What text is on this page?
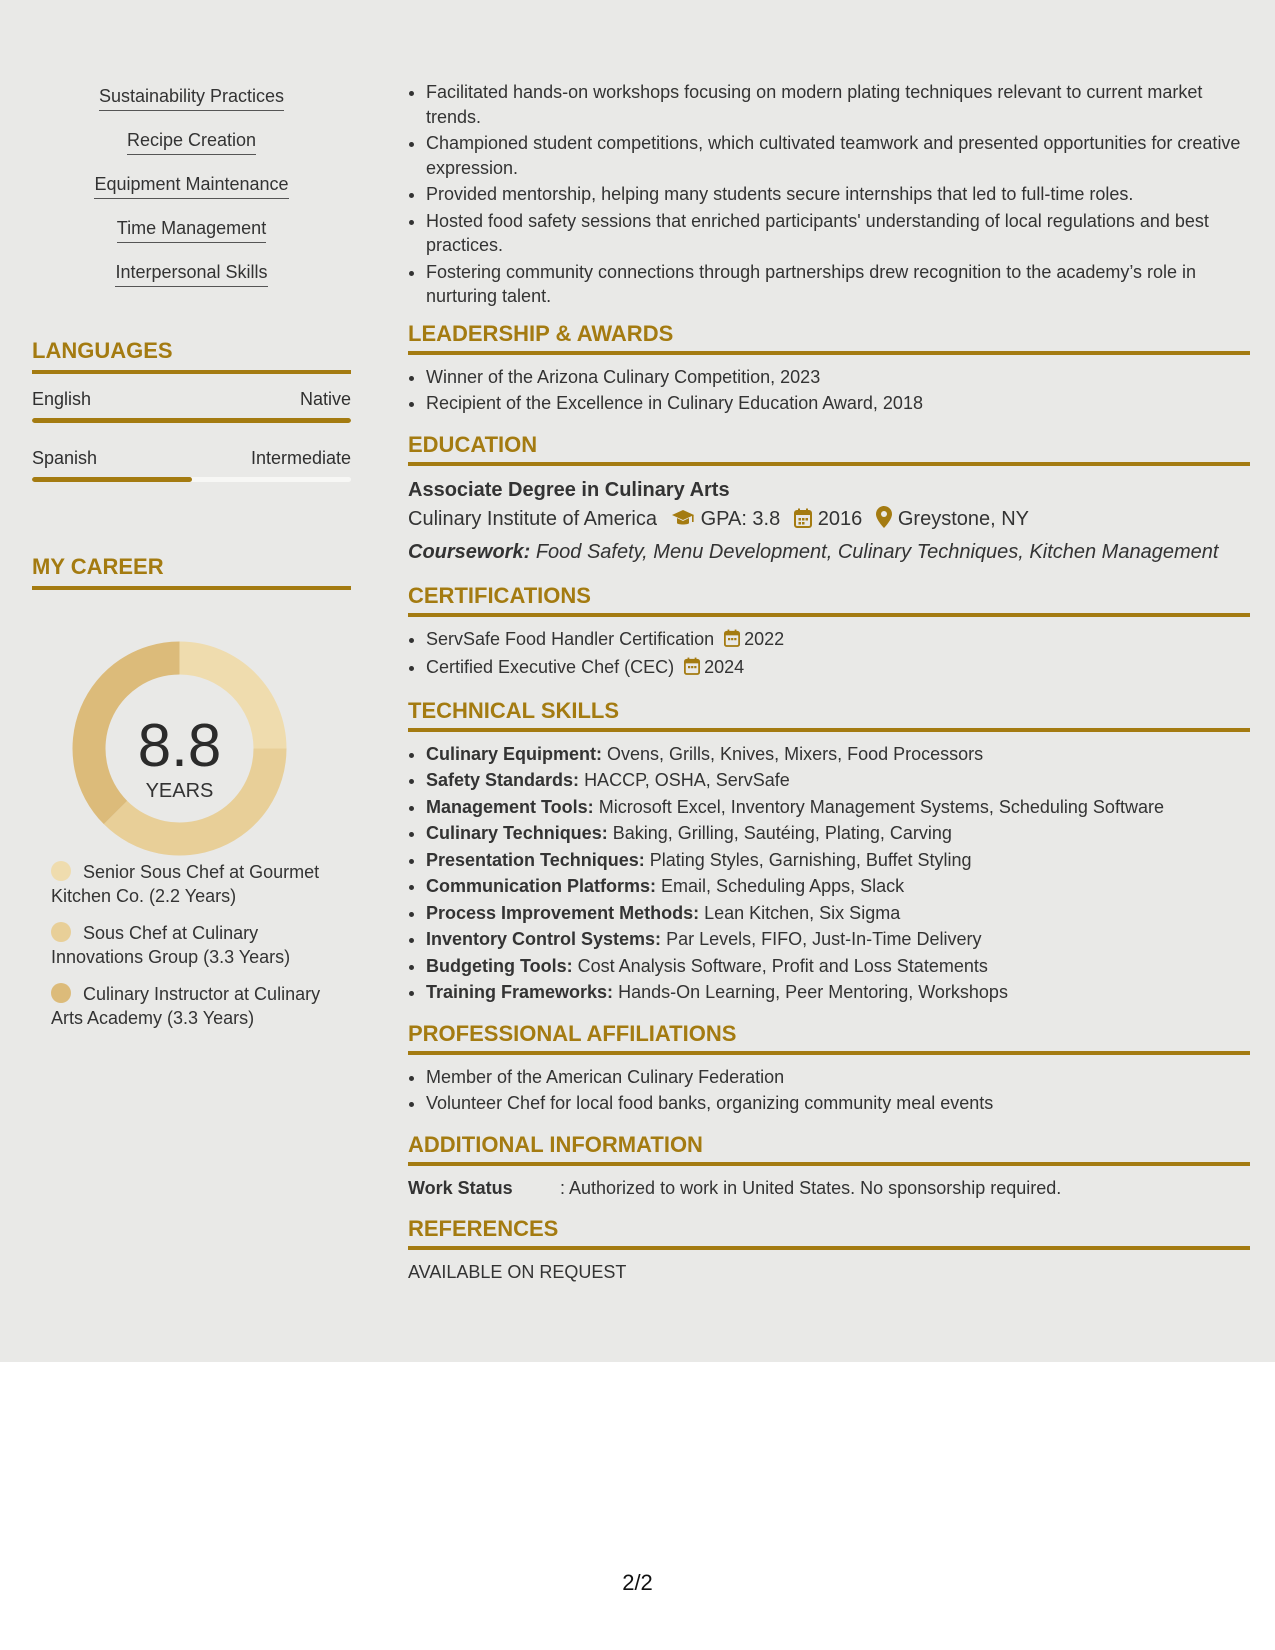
Sustainability Practices
Recipe Creation
Equipment Maintenance
Time Management
Interpersonal Skills
LANGUAGES
English	Native
Spanish	Intermediate
MY CAREER
8.8
YEARS
Senior Sous Chef at Gourmet Kitchen Co. (2.2 Years)
Sous Chef at Culinary Innovations Group (3.3 Years)
Culinary Instructor at Culinary Arts Academy (3.3 Years)
• Facilitated hands-on workshops focusing on modern plating techniques relevant to current market trends.
• Championed student competitions, which cultivated teamwork and presented opportunities for creative expression.
• Provided mentorship, helping many students secure internships that led to full-time roles.
• Hosted food safety sessions that enriched participants' understanding of local regulations and best practices.
• Fostering community connections through partnerships drew recognition to the academy’s role in nurturing talent.
LEADERSHIP & AWARDS
• Winner of the Arizona Culinary Competition, 2023
• Recipient of the Excellence in Culinary Education Award, 2018
EDUCATION
Associate Degree in Culinary Arts
Culinary Institute of America GPA: 3.8 2016 Greystone, NY
Coursework: Food Safety, Menu Development, Culinary Techniques, Kitchen Management
CERTIFICATIONS
• ServSafe Food Handler Certification 2022
• Certified Executive Chef (CEC) 2024
TECHNICAL SKILLS
• Culinary Equipment: Ovens, Grills, Knives, Mixers, Food Processors
• Safety Standards: HACCP, OSHA, ServSafe
• Management Tools: Microsoft Excel, Inventory Management Systems, Scheduling Software
• Culinary Techniques: Baking, Grilling, Sautéing, Plating, Carving
• Presentation Techniques: Plating Styles, Garnishing, Buffet Styling
• Communication Platforms: Email, Scheduling Apps, Slack
• Process Improvement Methods: Lean Kitchen, Six Sigma
• Inventory Control Systems: Par Levels, FIFO, Just-In-Time Delivery
• Budgeting Tools: Cost Analysis Software, Profit and Loss Statements
• Training Frameworks: Hands-On Learning, Peer Mentoring, Workshops
PROFESSIONAL AFFILIATIONS
• Member of the American Culinary Federation
• Volunteer Chef for local food banks, organizing community meal events
ADDITIONAL INFORMATION
Work Status	: Authorized to work in United States. No sponsorship required.
REFERENCES
AVAILABLE ON REQUEST
2/2
